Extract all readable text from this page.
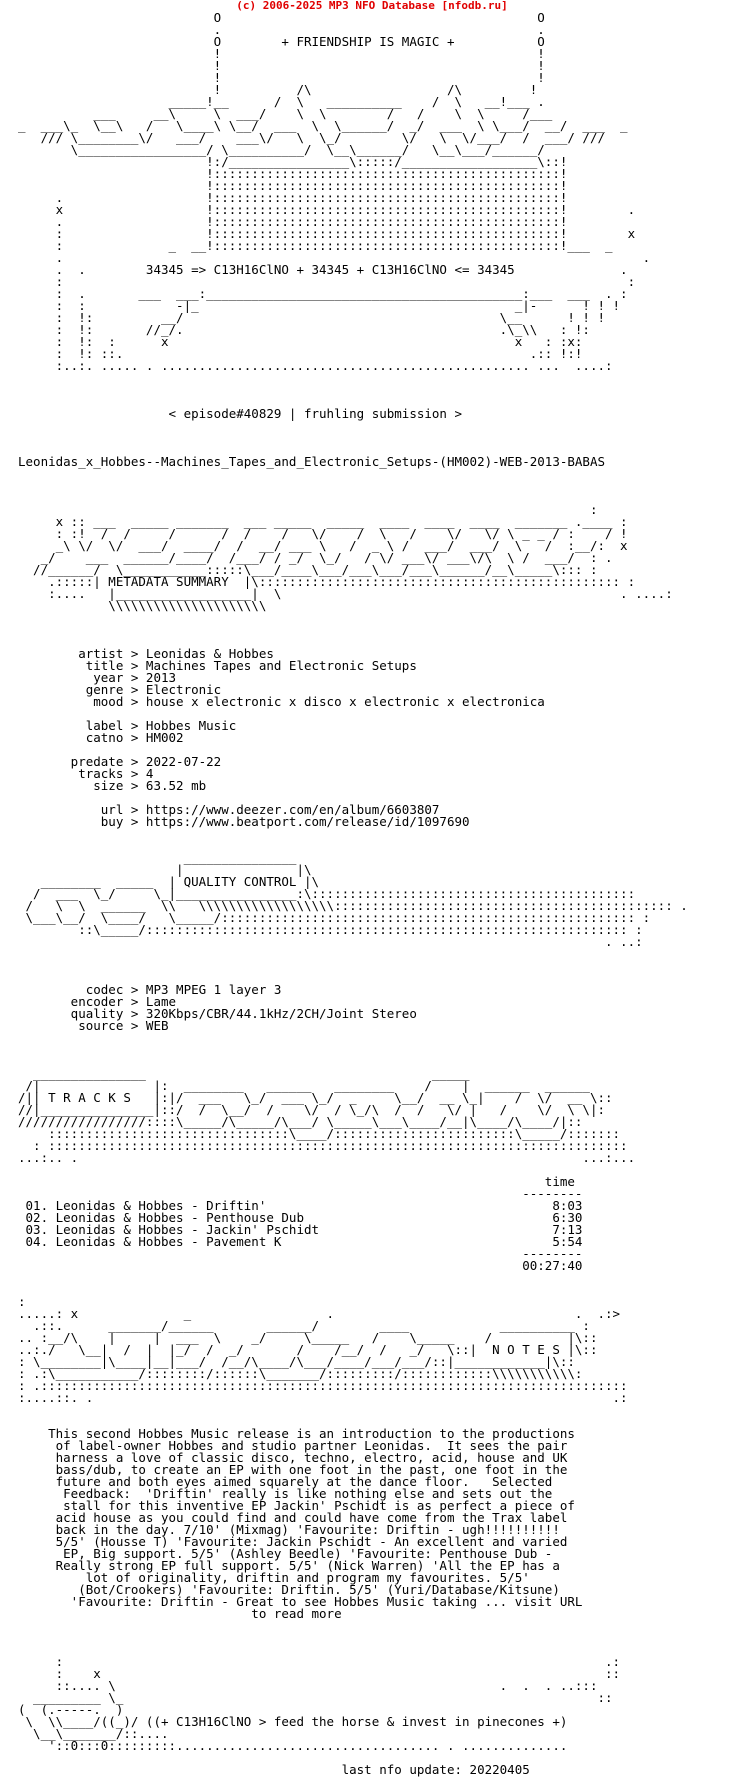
(c) 2006-2025 MP3 NFO Database [nfodb.ru]
O                                          O
.                                          .
O        + FRIENDSHIP IS MAGIC +           O
!                                          !
!                                          !
!                                          !
!          /\                  /\         !
_____!__      /  \   __________    /  \   __!___ .
___     __\     \  ___/    \  \        /   /    \  \     /___
_  ___\_  \__\   /   \____\ \__/  ___  \  \______/  _/  ___  \ \___/  __/  ___  _
/// \________\/   ___/    ___\/   \  \_/        \/   \  \/___/  /  ___/ ///
\_________________/ \__________/  \__\______/   \__\___/______/
!:/________________\:::::/__________________\::!
!::::::::::::::::::::::::::::::::::::::::::::::!
!::::::::::::::::::::::::::::::::::::::::::::::!
.                   !::::::::::::::::::::::::::::::::::::::::::::::!
x                   !::::::::::::::::::::::::::::::::::::::::::::::!        .
.                   !::::::::::::::::::::::::::::::::::::::::::::::!
:                   !::::::::::::::::::::::::::::::::::::::::::::::!        x
:              _  __!::::::::::::::::::::::::::::::::::::::::::::::!___  _
.                                                                             .
.  .        34345 => C13H16ClNO + 34345 + C13H16ClNO <= 34345              .
:                                                                           :
:  .       ___  ___:__________________________________________:___  ___  . :
:  :            -|_                                          _|-      ! ! !
:  !:         __/                                          \__      ! ! !
:  !:       //_/.                                          .\_\\   : !:
:  !:  :      x                                              x   : :x:
:  !: ::.                                                      .:: !:!
:..:. ..... . ................................................. ...  ....:

< episode#40829 | fruhling submission >

Leonidas_x_Hobbes--Machines_Tapes_and_Electronic_Setups-(HM002)-WEB-2013-BABAS

:
x :: ___  _____ _______  ___ _____  _____  ____  ____  ____  _______ .____ :
: :!  /  /     /      /  /    /   \/    /  \   /    \/   \/ \ _ _ / :    / !
_\ \/  \/  ___/  ____/  /  __/ ___ \   /  _ \ /  ___/  ___/  \   /  :__/:  x
_/    ___  ______/____/  /___/ / _/  \_/   / \/ ___\/ ___\/\  \ /  ___/  : .
//______/  \___________:::::\___/____\___/___\___/___\______/__\_____\::: :
.:::::| METADATA SUMMARY  |\:::::::::::::::::::::::::::::::::::::::::::::::: :
:....   |__________________|  \                                             . ....:
\\\\\\\\\\\\\\\\\\\\\

artist > Leonidas & Hobbes
title > Machines Tapes and Electronic Setups
year > 2013
genre > Electronic
mood > house x electronic x disco x electronic x electronica

label > Hobbes Music
catno > HM002

predate > 2022-07-22
tracks > 4
size > 63.52 mb

url > https://www.deezer.com/en/album/6603807
buy > https://www.beatport.com/release/id/1097690

_______________
|               |\
________  _____  | QUALITY CONTROL |\
/  ___  \_/     \_|________________:\:::::::::::::::::::::::::::::::::::::::::::
/   \  \  ______  \\   \\\\\\\\\\\\\\\\\\::::::::::::::::::::::::::::::::::::::::::::: .
\___\__/  \____/   \_____/::::::::::::::::::::::::::::::::::::::::::::::::::::::: :
::\_____/:::::::::::::::::::::::::::::::::::::::::::::::::::::::::::::::: :
. ..:

codec > MP3 MPEG 1 layer 3
encoder > Lame
quality > 320Kbps/CBR/44.1kHz/2CH/Joint Stereo
source > WEB

_______________                                      _____
/|               |:  ________   ______   ________    /    |  ______  ______
/|| T R A C K S   |:|/  ___   \_/  ___ \_/  _     \__/  __ \_|    /  \/  __ \::
//|_______________|::/  /  \__/  /    \/  / \_/\  /  /   \/ |   /    \/  \ \|:
/////////////////::::\_____/\_____/\___/ \_____\___\____/__|\____/\____/|::
::::::::::::::::::::::::::::::::\____/::::::::::::::::::::::::\_____/:::::::
: :::::::::::::::::::::::::::::::::::::::::::::::::::::::::::::::::::::::::::::
...:.. .                                                                   ...:...

time
--------
01. Leonidas & Hobbes - Driftin'                                      8:03
02. Leonidas & Hobbes - Penthouse Dub                                 6:30
03. Leonidas & Hobbes - Jackin' Pschidt                               7:13
04. Leonidas & Hobbes - Pavement K                                    5:54
--------
00:27:40

:
.....: x              _                  .                                .  .:>
.::.      _______/______       ______/        ____            __________ :
.. :__/\    |     |  ___  \    _/     \_____   /    \_____    /          |\::
..:./   \__|  /  |  |_/  /  _/       /    /__/  /   _/   \::|  N O T E S |\::
: \________|\____|__|___/  /__/\____/\___/____/___/___/::|____________|\::
: .:\___________/::::::::/::::::\_______/:::::::::/::::::::::::\\\\\\\\\\\:
: .::::::::::::::::::::::::::::::::::::::::::::::::::::::::::::::::::::::::::::::
:....::. .                                                                     .:

This second Hobbes Music release is an introduction to the productions
of label-owner Hobbes and studio partner Leonidas.  It sees the pair
harness a love of classic disco, techno, electro, acid, house and UK
bass/dub, to create an EP with one foot in the past, one foot in the
future and both eyes aimed squarely at the dance floor.   Selected
Feedback:  'Driftin' really is like nothing else and sets out the
stall for this inventive EP Jackin' Pschidt is as perfect a piece of
acid house as you could find and could have come from the Trax label
back in the day. 7/10' (Mixmag) 'Favourite: Driftin - ugh!!!!!!!!!!
5/5' (Housse T) 'Favourite: Jackin Pschidt - An excellent and varied
EP, Big support. 5/5' (Ashley Beedle) 'Favourite: Penthouse Dub -
Really strong EP full support. 5/5' (Nick Warren) 'All the EP has a
lot of originality, driftin and program my favourites. 5/5'
(Bot/Crookers) 'Favourite: Driftin. 5/5' (Yuri/Database/Kitsune)
'Favourite: Driftin - Great to see Hobbes Music taking ... visit URL
to read more

:                                                                        .:
:    x                                                                   ::
::.... \                                                   .  .  . ..:::
_________ \_                                                               ::
(  (.-----.  )
\  \\____/((_)/ ((+ C13H16ClNO > feed the horse & invest in pinecones +)
\__\_______/::....
'::0:::0:::::::::................................... . ..............

last nfo update: 20220405
